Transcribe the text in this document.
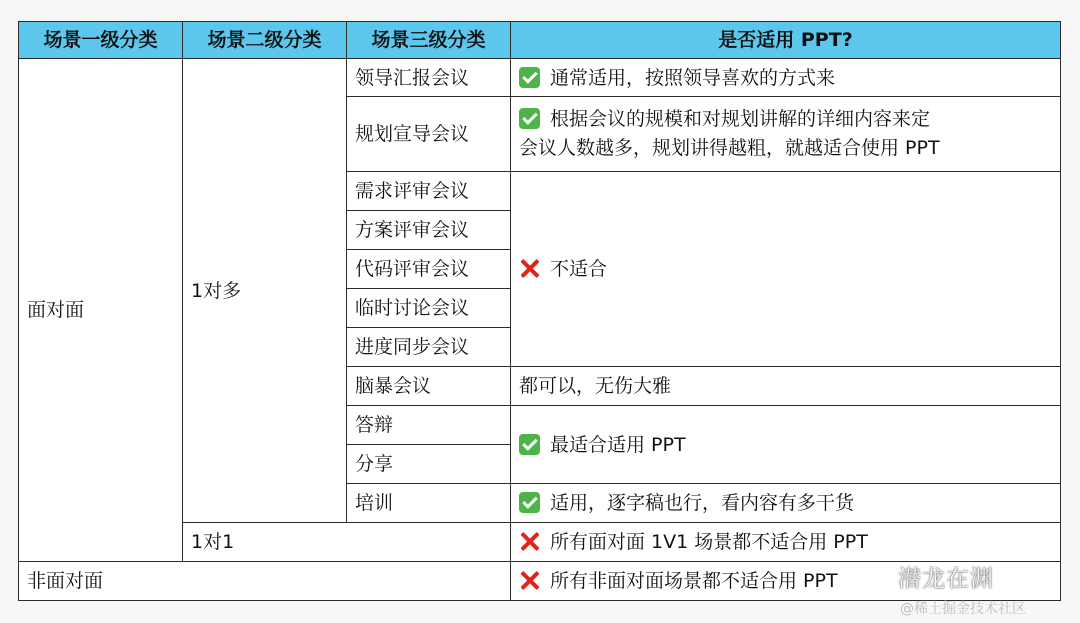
场景一级分类	场景二级分类	场景三级分类	是否适用 PPT?
面对面	1对多	领导汇报会议	通常适用，按照领导喜欢的方式来
		规划宣导会议	根据会议的规模和对规划讲解的详细内容来定
会议人数越多，规划讲得越粗，就越适合使用 PPT

		需求评审会议	不适合
		方案评审会议	
		代码评审会议	
		临时讨论会议	
		进度同步会议	
		脑暴会议	都可以，无伤大雅
		答辩	最适合适用 PPT
		分享	
		培训	适用，逐字稿也行，看内容有多干货
	1对1		所有面对面 1V1 场景都不适合用 PPT
非面对面			所有非面对面场景都不适合用 PPT	潜龙在渊
@稀土掘金技术社区
